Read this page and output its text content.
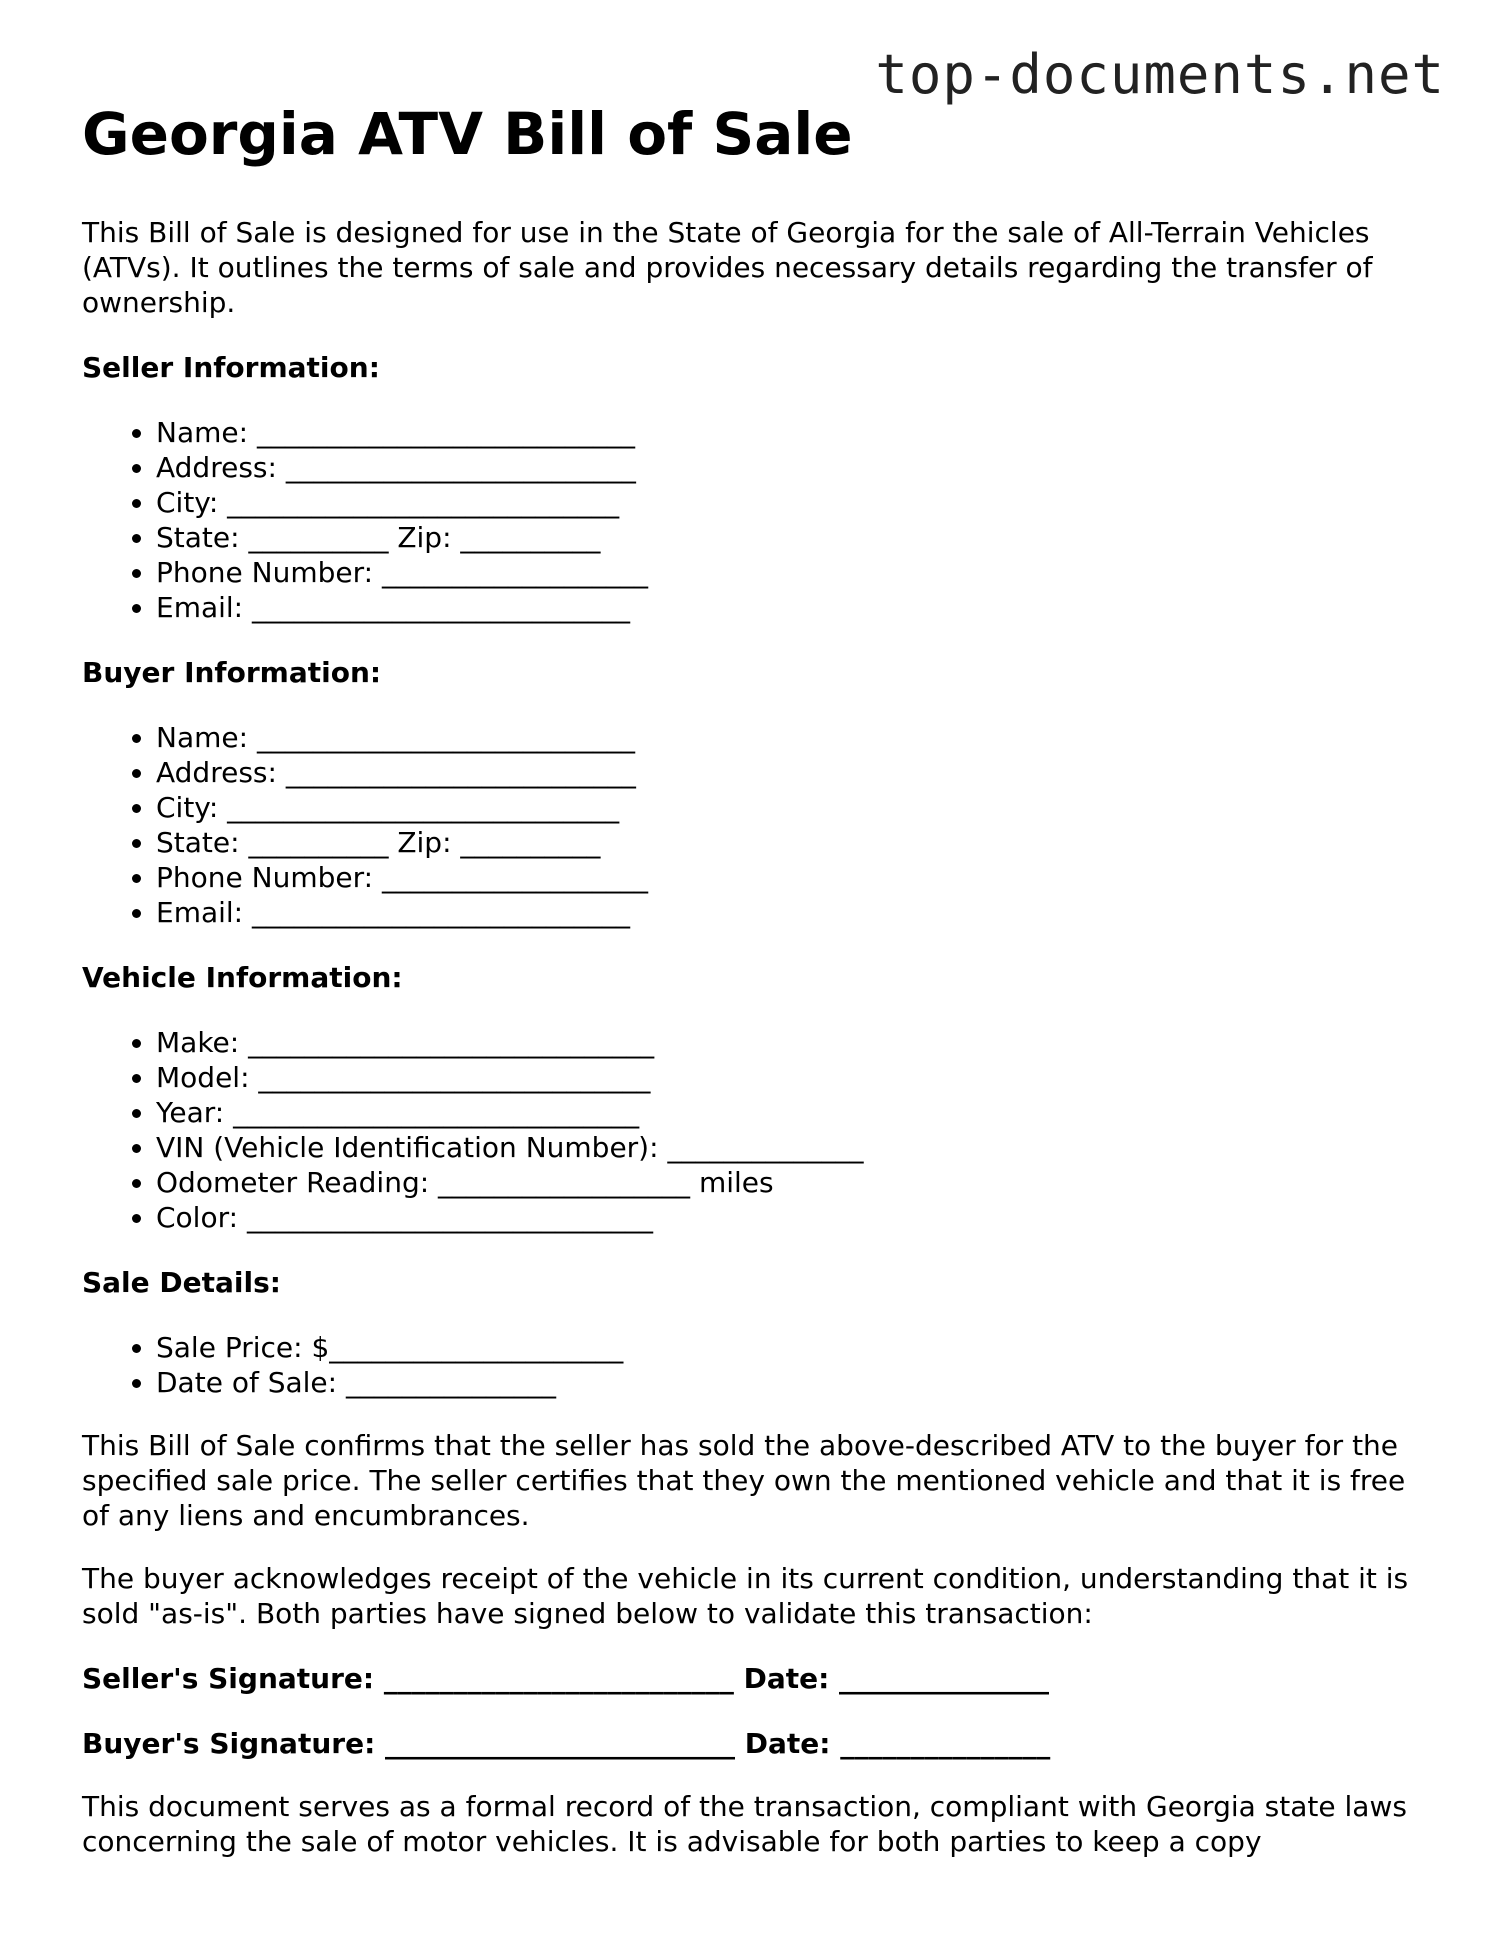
top-documents.net
Georgia ATV Bill of Sale

This Bill of Sale is designed for use in the State of Georgia for the sale of All-Terrain Vehicles (ATVs). It outlines the terms of sale and provides necessary details regarding the transfer of ownership.

Seller Information:
• Name: ___________________________
• Address: _________________________
• City: ____________________________
• State: __________ Zip: __________
• Phone Number: ___________________
• Email: ___________________________
Buyer Information:
• Name: ___________________________
• Address: _________________________
• City: ____________________________
• State: __________ Zip: __________
• Phone Number: ___________________
• Email: ___________________________
Vehicle Information:
• Make: _____________________________
• Model: ____________________________
• Year: _____________________________
• VIN (Vehicle Identification Number): ______________
• Odometer Reading: __________________ miles
• Color: _____________________________
Sale Details:
• Sale Price: $_____________________
• Date of Sale: _______________

This Bill of Sale confirms that the seller has sold the above-described ATV to the buyer for the specified sale price. The seller certifies that they own the mentioned vehicle and that it is free of any liens and encumbrances.

The buyer acknowledges receipt of the vehicle in its current condition, understanding that it is sold "as-is". Both parties have signed below to validate this transaction:

Seller's Signature: _________________________ Date: _______________
Buyer's Signature: _________________________ Date: _______________

This document serves as a formal record of the transaction, compliant with Georgia state laws concerning the sale of motor vehicles. It is advisable for both parties to keep a copy
